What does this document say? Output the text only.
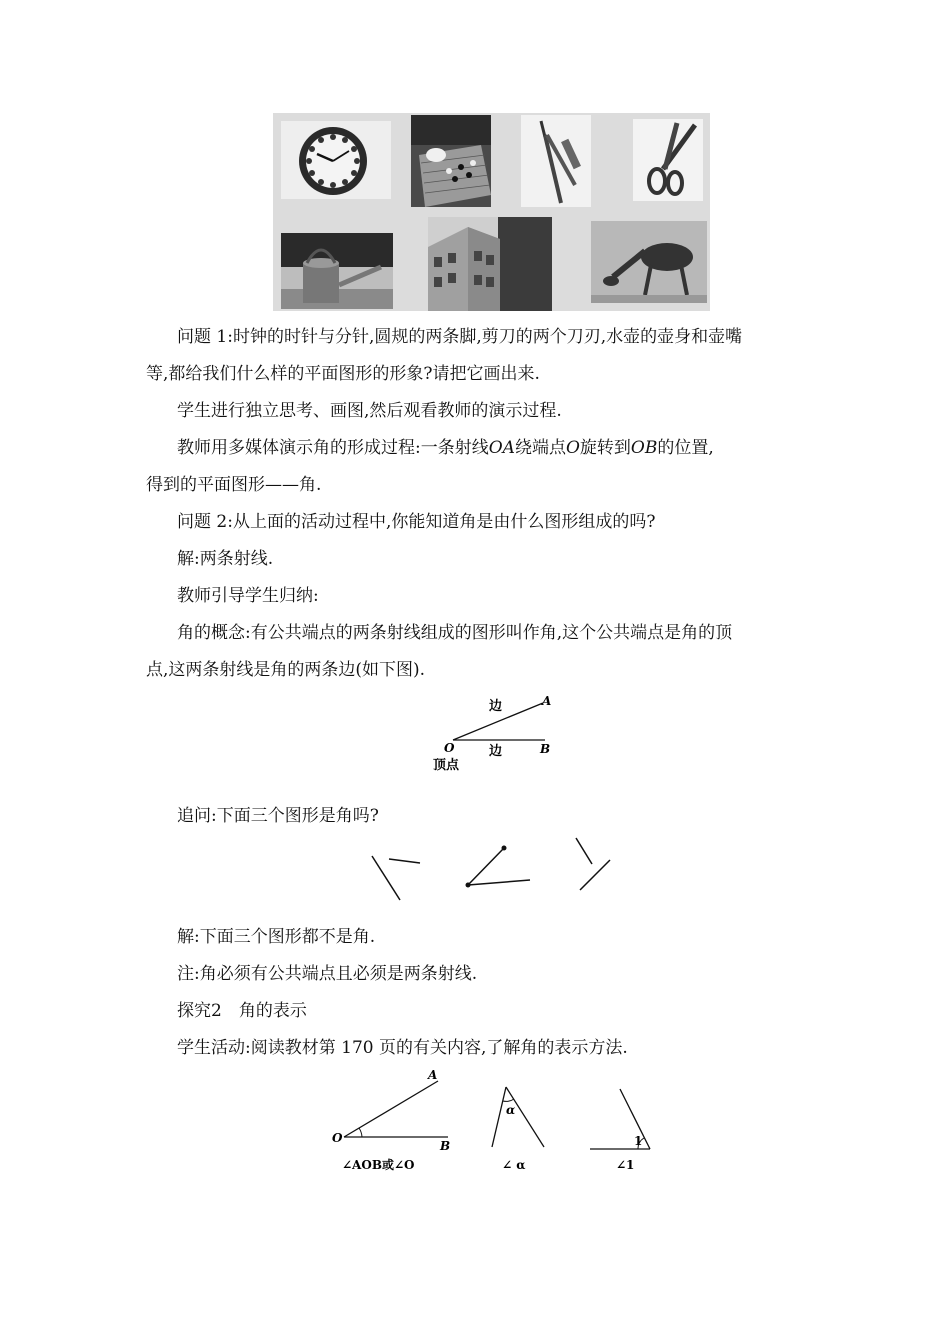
问题 1:时钟的时针与分针,圆规的两条脚,剪刀的两个刀刃,水壶的壶身和壶嘴

等,都给我们什么样的平面图形的形象?请把它画出来.

学生进行独立思考、画图,然后观看教师的演示过程.

教师用多媒体演示角的形成过程:一条射线OA绕端点O旋转到OB的位置,

得到的平面图形——角.

问题 2:从上面的活动过程中,你能知道角是由什么图形组成的吗?

解:两条射线.

教师引导学生归纳:

角的概念:有公共端点的两条射线组成的图形叫作角,这个公共端点是角的顶

点,这两条射线是角的两条边(如下图).

边
边
A
O	B
顶点

追问:下面三个图形是角吗?

解:下面三个图形都不是角.

注:角必须有公共端点且必须是两条射线.

探究2　角的表示

学生活动:阅读教材第 170 页的有关内容,了解角的表示方法.

A
O
B
∠AOB或∠O
α
∠ α
1
∠1
